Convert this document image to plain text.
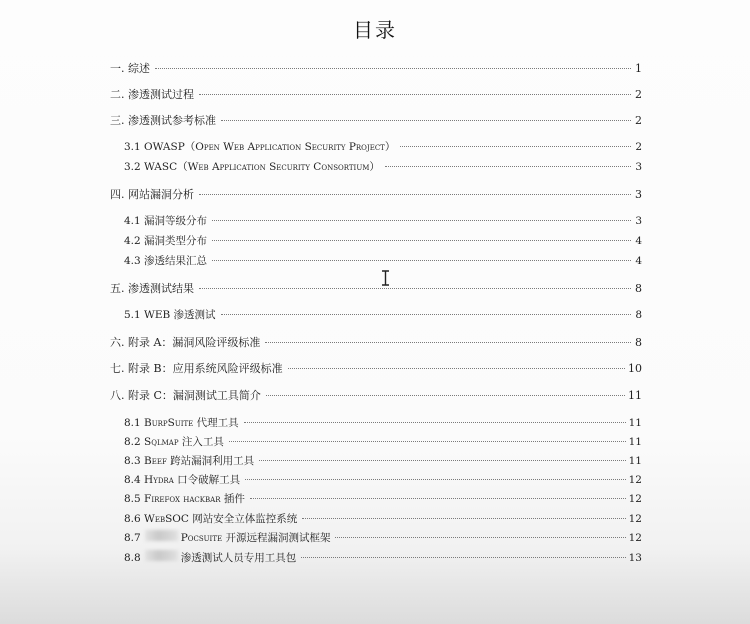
目录
一. 综述	1
二. 渗透测试过程	2
三. 渗透测试参考标准	2
3.1 OWASP（Open Web Application Security Project）	2
3.2 WASC（Web Application Security Consortium）	3
四. 网站漏洞分析	3
4.1 漏洞等级分布	3
4.2 漏洞类型分布	4
4.3 渗透结果汇总	4
五. 渗透测试结果	8
5.1 WEB 渗透测试	8
六. 附录 A：漏洞风险评级标准	8
七. 附录 B：应用系统风险评级标准	10
八. 附录 C：漏洞测试工具简介	11
8.1 BurpSuite 代理工具	11
8.2 Sqlmap 注入工具	11
8.3 Beef 跨站漏洞利用工具	11
8.4 Hydra 口令破解工具	12
8.5 Firefox hackbar 插件	12
8.6 WebSOC 网站安全立体监控系统	12
8.7	Pocsuite 开源远程漏洞测试框架	12
8.8	渗透测试人员专用工具包	13
